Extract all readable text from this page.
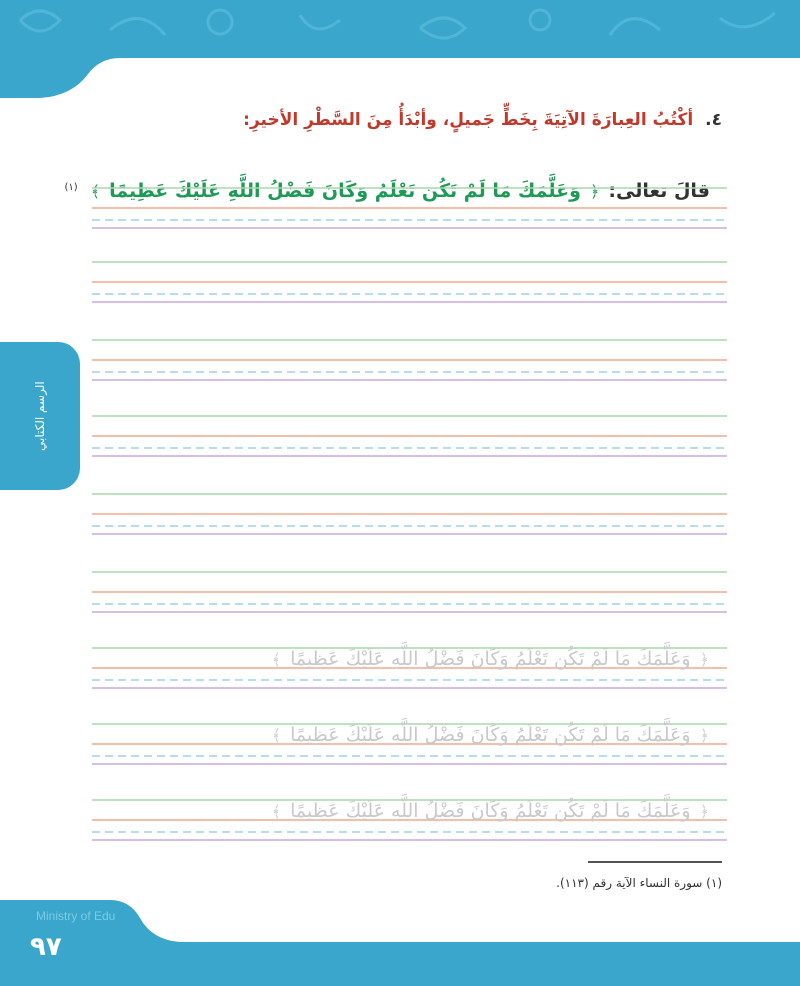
الرسم الكتابي
٤. أكْتُبُ العِبارَةَ الآتِيَةَ بِخَطٍّ جَميلٍ، وأبْدَأُ مِنَ السَّطْرِ الأخيرِ:
قالَ تعالى: ﴿ وَعَلَّمَكَ مَا لَمْ تَكُن تَعْلَمُ وَكَانَ فَضْلُ اللَّهِ عَلَيْكَ عَظِيمًا ﴾ $^{(١)}$
﴿ وَعَلَّمَكَ مَا لَمْ تَكُن تَعْلَمُ وَكَانَ فَضْلُ اللَّهِ عَلَيْكَ عَظِيمًا ﴾
﴿ وَعَلَّمَكَ مَا لَمْ تَكُن تَعْلَمُ وَكَانَ فَضْلُ اللَّهِ عَلَيْكَ عَظِيمًا ﴾
﴿ وَعَلَّمَكَ مَا لَمْ تَكُن تَعْلَمُ وَكَانَ فَضْلُ اللَّهِ عَلَيْكَ عَظِيمًا ﴾
(١) سورة النساء الآية رقم (١١٣).
Ministry of Edu
٩٧
